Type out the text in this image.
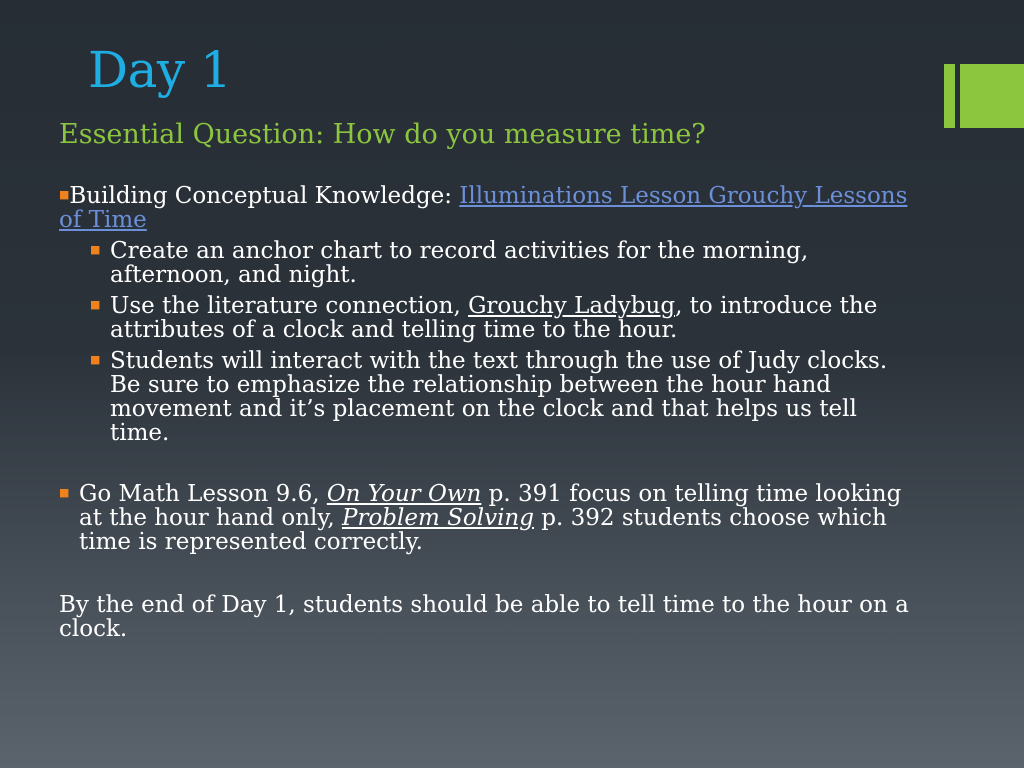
Day 1
Essential Question: How do you measure time?

■Building Conceptual Knowledge: Illuminations Lesson Grouchy Lessons of Time

■ Create an anchor chart to record activities for the morning, afternoon, and night.

■ Use the literature connection, Grouchy Ladybug, to introduce the attributes of a clock and telling time to the hour.

■ Students will interact with the text through the use of Judy clocks. Be sure to emphasize the relationship between the hour hand movement and it’s placement on the clock and that helps us tell time.

■ Go Math Lesson 9.6, On Your Own p. 391 focus on telling time looking at the hour hand only, Problem Solving p. 392 students choose which time is represented correctly.

By the end of Day 1, students should be able to tell time to the hour on a clock.
